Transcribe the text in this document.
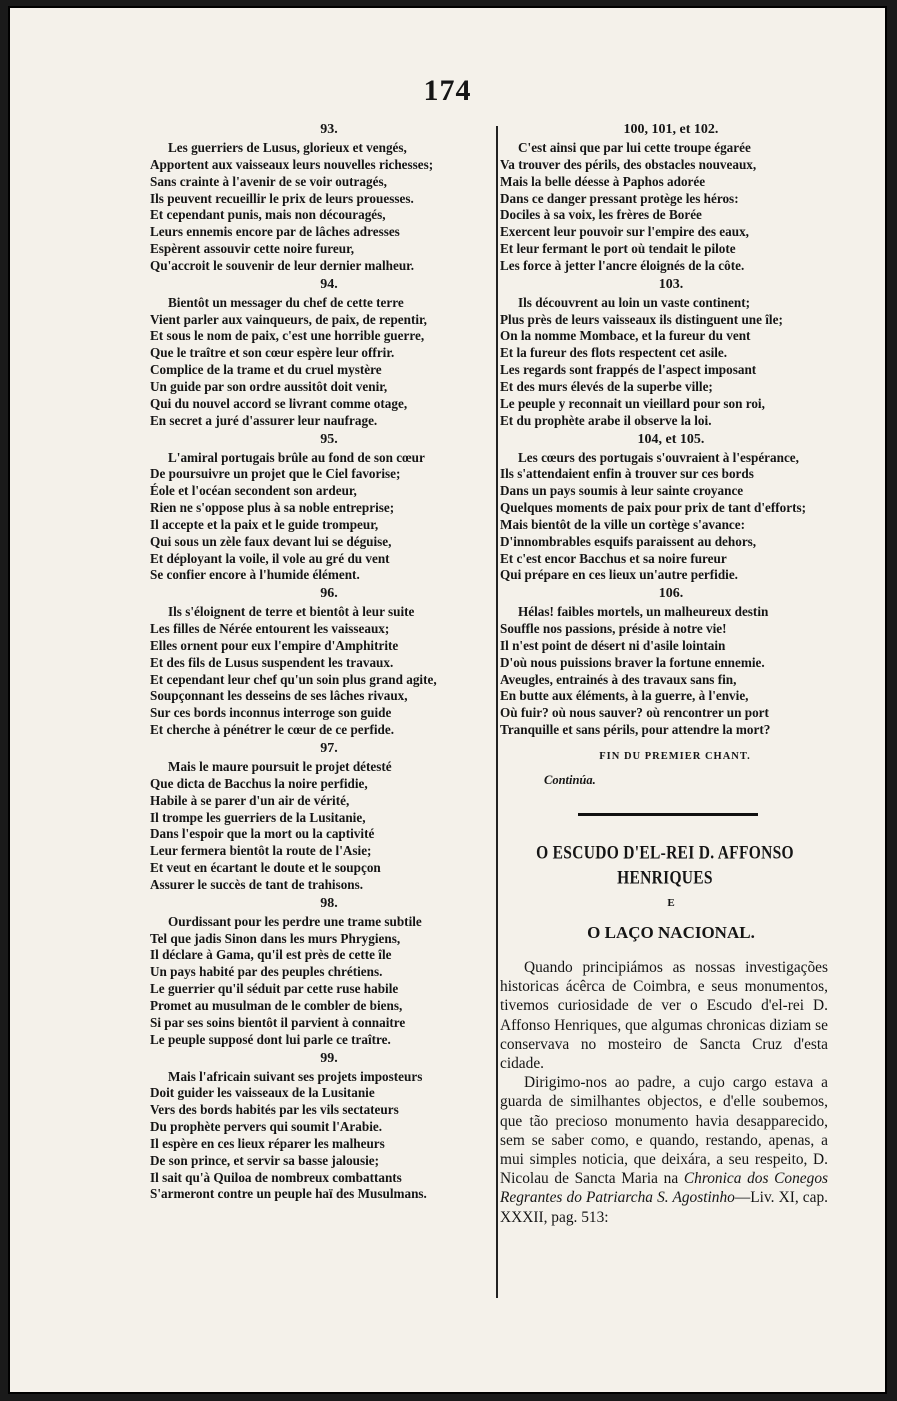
174
93.
Les guerriers de Lusus, glorieux et vengés,
Apportent aux vaisseaux leurs nouvelles richesses;
Sans crainte à l'avenir de se voir outragés,
Ils peuvent recueillir le prix de leurs prouesses.
Et cependant punis, mais non découragés,
Leurs ennemis encore par de lâches adresses
Espèrent assouvir cette noire fureur,
Qu'accroit le souvenir de leur dernier malheur.
94.
Bientôt un messager du chef de cette terre
Vient parler aux vainqueurs, de paix, de repentir,
Et sous le nom de paix, c'est une horrible guerre,
Que le traître et son cœur espère leur offrir.
Complice de la trame et du cruel mystère
Un guide par son ordre aussitôt doit venir,
Qui du nouvel accord se livrant comme otage,
En secret a juré d'assurer leur naufrage.
95.
L'amiral portugais brûle au fond de son cœur
De poursuivre un projet que le Ciel favorise;
Éole et l'océan secondent son ardeur,
Rien ne s'oppose plus à sa noble entreprise;
Il accepte et la paix et le guide trompeur,
Qui sous un zèle faux devant lui se déguise,
Et déployant la voile, il vole au gré du vent
Se confier encore à l'humide élément.
96.
Ils s'éloignent de terre et bientôt à leur suite
Les filles de Nérée entourent les vaisseaux;
Elles ornent pour eux l'empire d'Amphitrite
Et des fils de Lusus suspendent les travaux.
Et cependant leur chef qu'un soin plus grand agite,
Soupçonnant les desseins de ses lâches rivaux,
Sur ces bords inconnus interroge son guide
Et cherche à pénétrer le cœur de ce perfide.
97.
Mais le maure poursuit le projet détesté
Que dicta de Bacchus la noire perfidie,
Habile à se parer d'un air de vérité,
Il trompe les guerriers de la Lusitanie,
Dans l'espoir que la mort ou la captivité
Leur fermera bientôt la route de l'Asie;
Et veut en écartant le doute et le soupçon
Assurer le succès de tant de trahisons.
98.
Ourdissant pour les perdre une trame subtile
Tel que jadis Sinon dans les murs Phrygiens,
Il déclare à Gama, qu'il est près de cette île
Un pays habité par des peuples chrétiens.
Le guerrier qu'il séduit par cette ruse habile
Promet au musulman de le combler de biens,
Si par ses soins bientôt il parvient à connaitre
Le peuple supposé dont lui parle ce traître.
99.
Mais l'africain suivant ses projets imposteurs
Doit guider les vaisseaux de la Lusitanie
Vers des bords habités par les vils sectateurs
Du prophète pervers qui soumit l'Arabie.
Il espère en ces lieux réparer les malheurs
De son prince, et servir sa basse jalousie;
Il sait qu'à Quiloa de nombreux combattants
S'armeront contre un peuple haï des Musulmans.
100, 101, et 102.
C'est ainsi que par lui cette troupe égarée
Va trouver des périls, des obstacles nouveaux,
Mais la belle déesse à Paphos adorée
Dans ce danger pressant protège les héros:
Dociles à sa voix, les frères de Borée
Exercent leur pouvoir sur l'empire des eaux,
Et leur fermant le port où tendait le pilote
Les force à jetter l'ancre éloignés de la côte.
103.
Ils découvrent au loin un vaste continent;
Plus près de leurs vaisseaux ils distinguent une île;
On la nomme Mombace, et la fureur du vent
Et la fureur des flots respectent cet asile.
Les regards sont frappés de l'aspect imposant
Et des murs élevés de la superbe ville;
Le peuple y reconnait un vieillard pour son roi,
Et du prophète arabe il observe la loi.
104, et 105.
Les cœurs des portugais s'ouvraient à l'espérance,
Ils s'attendaient enfin à trouver sur ces bords
Dans un pays soumis à leur sainte croyance
Quelques moments de paix pour prix de tant d'efforts;
Mais bientôt de la ville un cortège s'avance:
D'innombrables esquifs paraissent au dehors,
Et c'est encor Bacchus et sa noire fureur
Qui prépare en ces lieux un'autre perfidie.
106.
Hélas! faibles mortels, un malheureux destin
Souffle nos passions, préside à notre vie!
Il n'est point de désert ni d'asile lointain
D'où nous puissions braver la fortune ennemie.
Aveugles, entrainés à des travaux sans fin,
En butte aux éléments, à la guerre, à l'envie,
Où fuir? où nous sauver? où rencontrer un port
Tranquille et sans périls, pour attendre la mort?
FIN DU PREMIER CHANT.
Continúa.
O ESCUDO D'EL-REI D. AFFONSO HENRIQUES
E
O LAÇO NACIONAL.

Quando principiámos as nossas investigações historicas ácêrca de Coimbra, e seus monumentos, tivemos curiosidade de ver o Escudo d'el-rei D. Affonso Henriques, que algumas chronicas diziam se conservava no mosteiro de Sancta Cruz d'esta cidade.

Dirigimo-nos ao padre, a cujo cargo estava a guarda de similhantes objectos, e d'elle soubemos, que tão precioso monumento havia desapparecido, sem se saber como, e quando, restando, apenas, a mui simples noticia, que deixára, a seu respeito, D. Nicolau de Sancta Maria na Chronica dos Conegos Regrantes do Patriarcha S. Agostinho—Liv. XI, cap. XXXII, pag. 513:
